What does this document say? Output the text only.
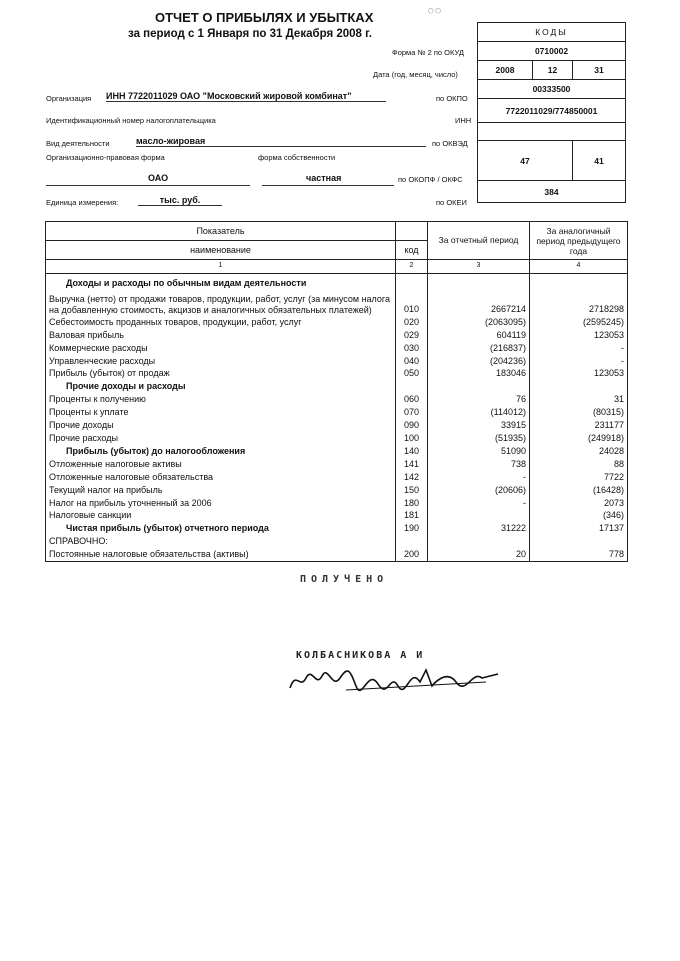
ОТЧЕТ О ПРИБЫЛЯХ И УБЫТКАХ
за период с 1 Января по 31 Декабря 2008 г.	КОДЫ		
0710002		
2008	12	31
00333500		
7722011029/774850001		

47		41
384		
Форма № 2 по ОКУД
Дата (год, месяц, число)
Организация ИНН 7722011029 ОАО "Московский жировой комбинат"	по ОКПО
Идентификационный номер налогоплательщика	ИНН
Вид деятельности	масло-жировая	по ОКВЭД
Организационно-правовая форма	форма собственности
ОАО	частная	по ОКОПФ / ОКФС
Единица измерения:	тыс. руб.	по ОКЕИ
Показатель		За отчетный период	За аналогичный период предыдущего года
наименование	код		
1	2	3	4
Доходы и расходы по обычным видам деятельности			
Выручка (нетто) от продажи товаров, продукции, работ, услуг (за минусом налога на добавленную стоимость, акцизов и аналогичных обязательных платежей)	010	2667214	2718298
Себестоимость проданных товаров, продукции, работ, услуг	020	(2063095)	(2595245)
Валовая прибыль	029	604119	123053
Коммерческие расходы	030	(216837)	-
Управленческие расходы	040	(204236)	-
Прибыль (убыток) от продаж	050	183046	123053
Прочие доходы и расходы			
Проценты к получению	060	76	31
Проценты к уплате	070	(114012)	(80315)
Прочие доходы	090	33915	231177
Прочие расходы	100	(51935)	(249918)
Прибыль (убыток) до налогообложения	140	51090	24028
Отложенные налоговые активы	141	738	88
Отложенные налоговые обязательства	142	-	7722
Текущий налог на прибыль	150	(20606)	(16428)
Налог на прибыль уточненный за 2006	180	-	2073
Налоговые санкции	181		(346)
Чистая прибыль (убыток) отчетного периода	190	31222	17137
СПРАВОЧНО:			
Постоянные налоговые обязательства (активы)	200	20	778
○○
ПОЛУЧЕНО
КОЛБАСНИКОВА А И
